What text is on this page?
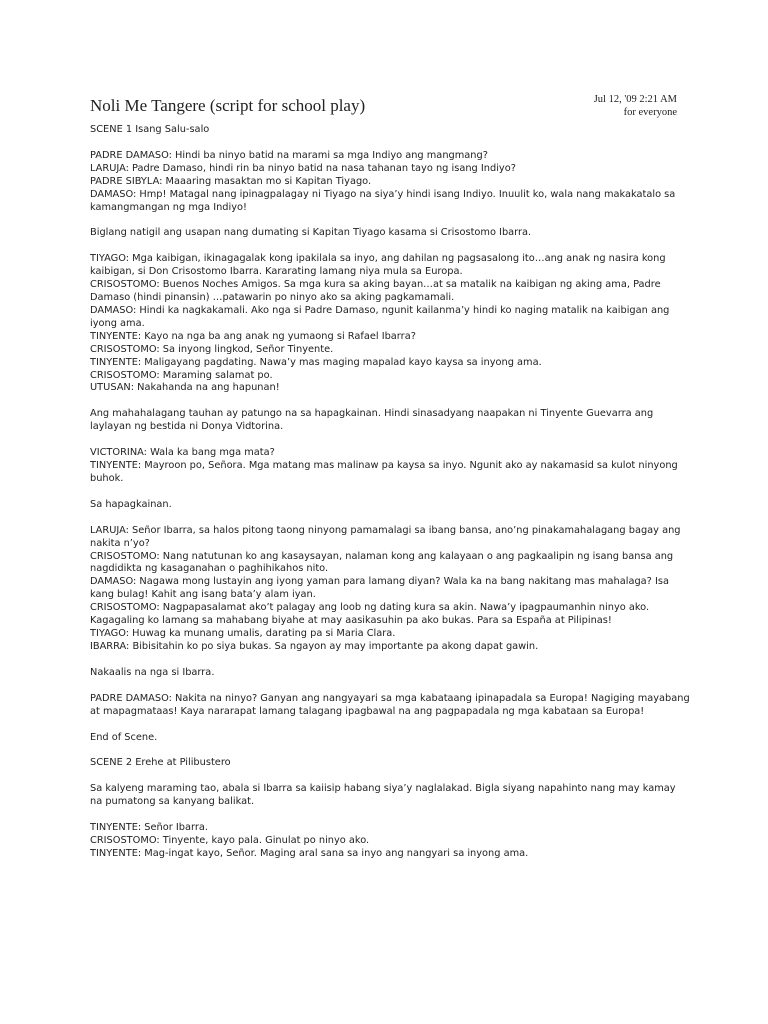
Noli Me Tangere (script for school play)	Jul 12, '09 2:21 AM
for everyone
SCENE 1 Isang Salu-salo
PADRE DAMASO: Hindi ba ninyo batid na marami sa mga Indiyo ang mangmang?
LARUJA: Padre Damaso, hindi rin ba ninyo batid na nasa tahanan tayo ng isang Indiyo?
PADRE SIBYLA: Maaaring masaktan mo si Kapitan Tiyago.
DAMASO: Hmp! Matagal nang ipinagpalagay ni Tiyago na siya’y hindi isang Indiyo. Inuulit ko, wala nang makakatalo sa kamangmangan ng mga Indiyo!
Biglang natigil ang usapan nang dumating si Kapitan Tiyago kasama si Crisostomo Ibarra.
TIYAGO: Mga kaibigan, ikinagagalak kong ipakilala sa inyo, ang dahilan ng pagsasalong ito…ang anak ng nasira kong kaibigan, si Don Crisostomo Ibarra. Kararating lamang niya mula sa Europa.
CRISOSTOMO: Buenos Noches Amigos. Sa mga kura sa aking bayan…at sa matalik na kaibigan ng aking ama, Padre Damaso (hindi pinansin) …patawarin po ninyo ako sa aking pagkamamali.
DAMASO: Hindi ka nagkakamali. Ako nga si Padre Damaso, ngunit kailanma’y hindi ko naging matalik na kaibigan ang iyong ama.
TINYENTE: Kayo na nga ba ang anak ng yumaong si Rafael Ibarra?
CRISOSTOMO: Sa inyong lingkod, Señor Tinyente.
TINYENTE: Maligayang pagdating. Nawa’y mas maging mapalad kayo kaysa sa inyong ama.
CRISOSTOMO: Maraming salamat po.
UTUSAN: Nakahanda na ang hapunan!
Ang mahahalagang tauhan ay patungo na sa hapagkainan. Hindi sinasadyang naapakan ni Tinyente Guevarra ang laylayan ng bestida ni Donya Vidtorina.
VICTORINA: Wala ka bang mga mata?
TINYENTE: Mayroon po, Señora. Mga matang mas malinaw pa kaysa sa inyo. Ngunit ako ay nakamasid sa kulot ninyong buhok.
Sa hapagkainan.
LARUJA: Señor Ibarra, sa halos pitong taong ninyong pamamalagi sa ibang bansa, ano’ng pinakamahalagang bagay ang nakita n’yo?
CRISOSTOMO: Nang natutunan ko ang kasaysayan, nalaman kong ang kalayaan o ang pagkaalipin ng isang bansa ang nagdidikta ng kasaganahan o paghihikahos nito.
DAMASO: Nagawa mong lustayin ang iyong yaman para lamang diyan? Wala ka na bang nakitang mas mahalaga? Isa kang bulag! Kahit ang isang bata’y alam iyan.
CRISOSTOMO: Nagpapasalamat ako’t palagay ang loob ng dating kura sa akin. Nawa’y ipagpaumanhin ninyo ako. Kagagaling ko lamang sa mahabang biyahe at may aasikasuhin pa ako bukas. Para sa España at Pilipinas!
TIYAGO: Huwag ka munang umalis, darating pa si Maria Clara.
IBARRA: Bibisitahin ko po siya bukas. Sa ngayon ay may importante pa akong dapat gawin.
Nakaalis na nga si Ibarra.
PADRE DAMASO: Nakita na ninyo? Ganyan ang nangyayari sa mga kabataang ipinapadala sa Europa! Nagiging mayabang at mapagmataas! Kaya nararapat lamang talagang ipagbawal na ang pagpapadala ng mga kabataan sa Europa!
End of Scene.
SCENE 2 Erehe at Pilibustero
Sa kalyeng maraming tao, abala si Ibarra sa kaiisip habang siya’y naglalakad. Bigla siyang napahinto nang may kamay na pumatong sa kanyang balikat.
TINYENTE: Señor Ibarra.
CRISOSTOMO: Tinyente, kayo pala. Ginulat po ninyo ako.
TINYENTE: Mag-ingat kayo, Señor. Maging aral sana sa inyo ang nangyari sa inyong ama.
